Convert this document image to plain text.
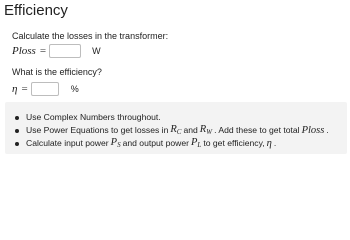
Efficiency
Calculate the losses in the transformer:
Ploss =	W
What is the efficiency?
η =	%
Use Complex Numbers throughout.
Use Power Equations to get losses in $R_C$ and $R_W$ . Add these to get total Ploss .
Calculate input power $P_S$ and output power $P_L$ to get efficiency, η .
